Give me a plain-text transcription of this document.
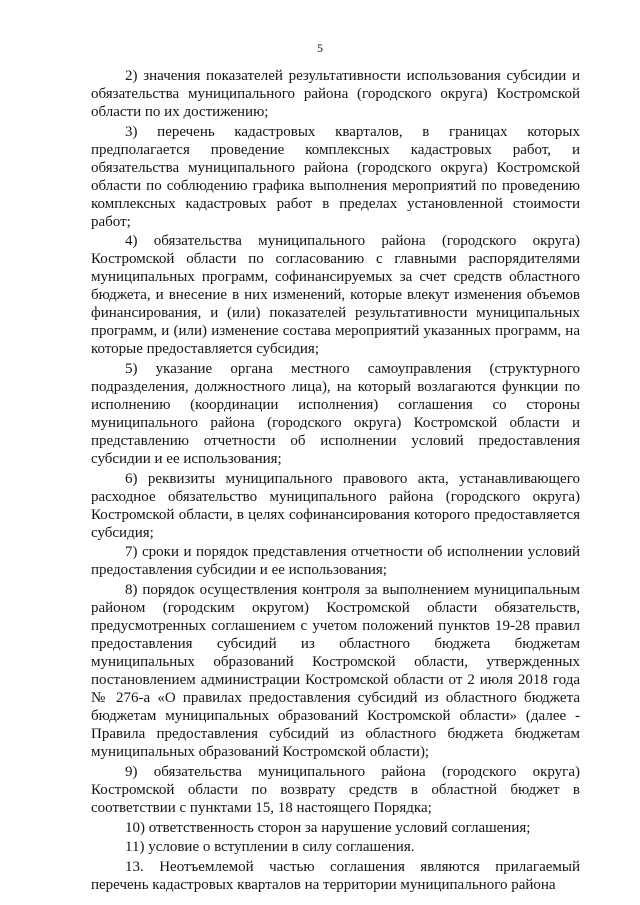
5

2) значения показателей результативности использования субсидии и обязательства муниципального района (городского округа) Костромской области по их достижению;

3) перечень кадастровых кварталов, в границах которых предполагается проведение комплексных кадастровых работ, и обязательства муниципального района (городского округа) Костромской области по соблюдению графика выполнения мероприятий по проведению комплексных кадастровых работ в пределах установленной стоимости работ;

4) обязательства муниципального района (городского округа) Костромской области по согласованию с главными распорядителями муниципальных программ, софинансируемых за счет средств областного бюджета, и внесение в них изменений, которые влекут изменения объемов финансирования, и (или) показателей результативности муниципальных программ, и (или) изменение состава мероприятий указанных программ, на которые предоставляется субсидия;

5) указание органа местного самоуправления (структурного подразделения, должностного лица), на который возлагаются функции по исполнению (координации исполнения) соглашения со стороны муниципального района (городского округа) Костромской области и представлению отчетности об исполнении условий предоставления субсидии и ее использования;

6) реквизиты муниципального правового акта, устанавливающего расходное обязательство муниципального района (городского округа) Костромской области, в целях софинансирования которого предоставляется субсидия;

7) сроки и порядок представления отчетности об исполнении условий предоставления субсидии и ее использования;

8) порядок осуществления контроля за выполнением муниципальным районом (городским округом) Костромской области обязательств, предусмотренных соглашением с учетом положений пунктов 19-28 правил предоставления субсидий из областного бюджета бюджетам муниципальных образований Костромской области, утвержденных постановлением администрации Костромской области от 2 июля 2018 года № 276-а «О правилах предоставления субсидий из областного бюджета бюджетам муниципальных образований Костромской области» (далее - Правила предоставления субсидий из областного бюджета бюджетам муниципальных образований Костромской области);

9) обязательства муниципального района (городского округа) Костромской области по возврату средств в областной бюджет в соответствии с пунктами 15, 18 настоящего Порядка;

10) ответственность сторон за нарушение условий соглашения;

11) условие о вступлении в силу соглашения.

13. Неотъемлемой частью соглашения являются прилагаемый перечень кадастровых кварталов на территории муниципального района
